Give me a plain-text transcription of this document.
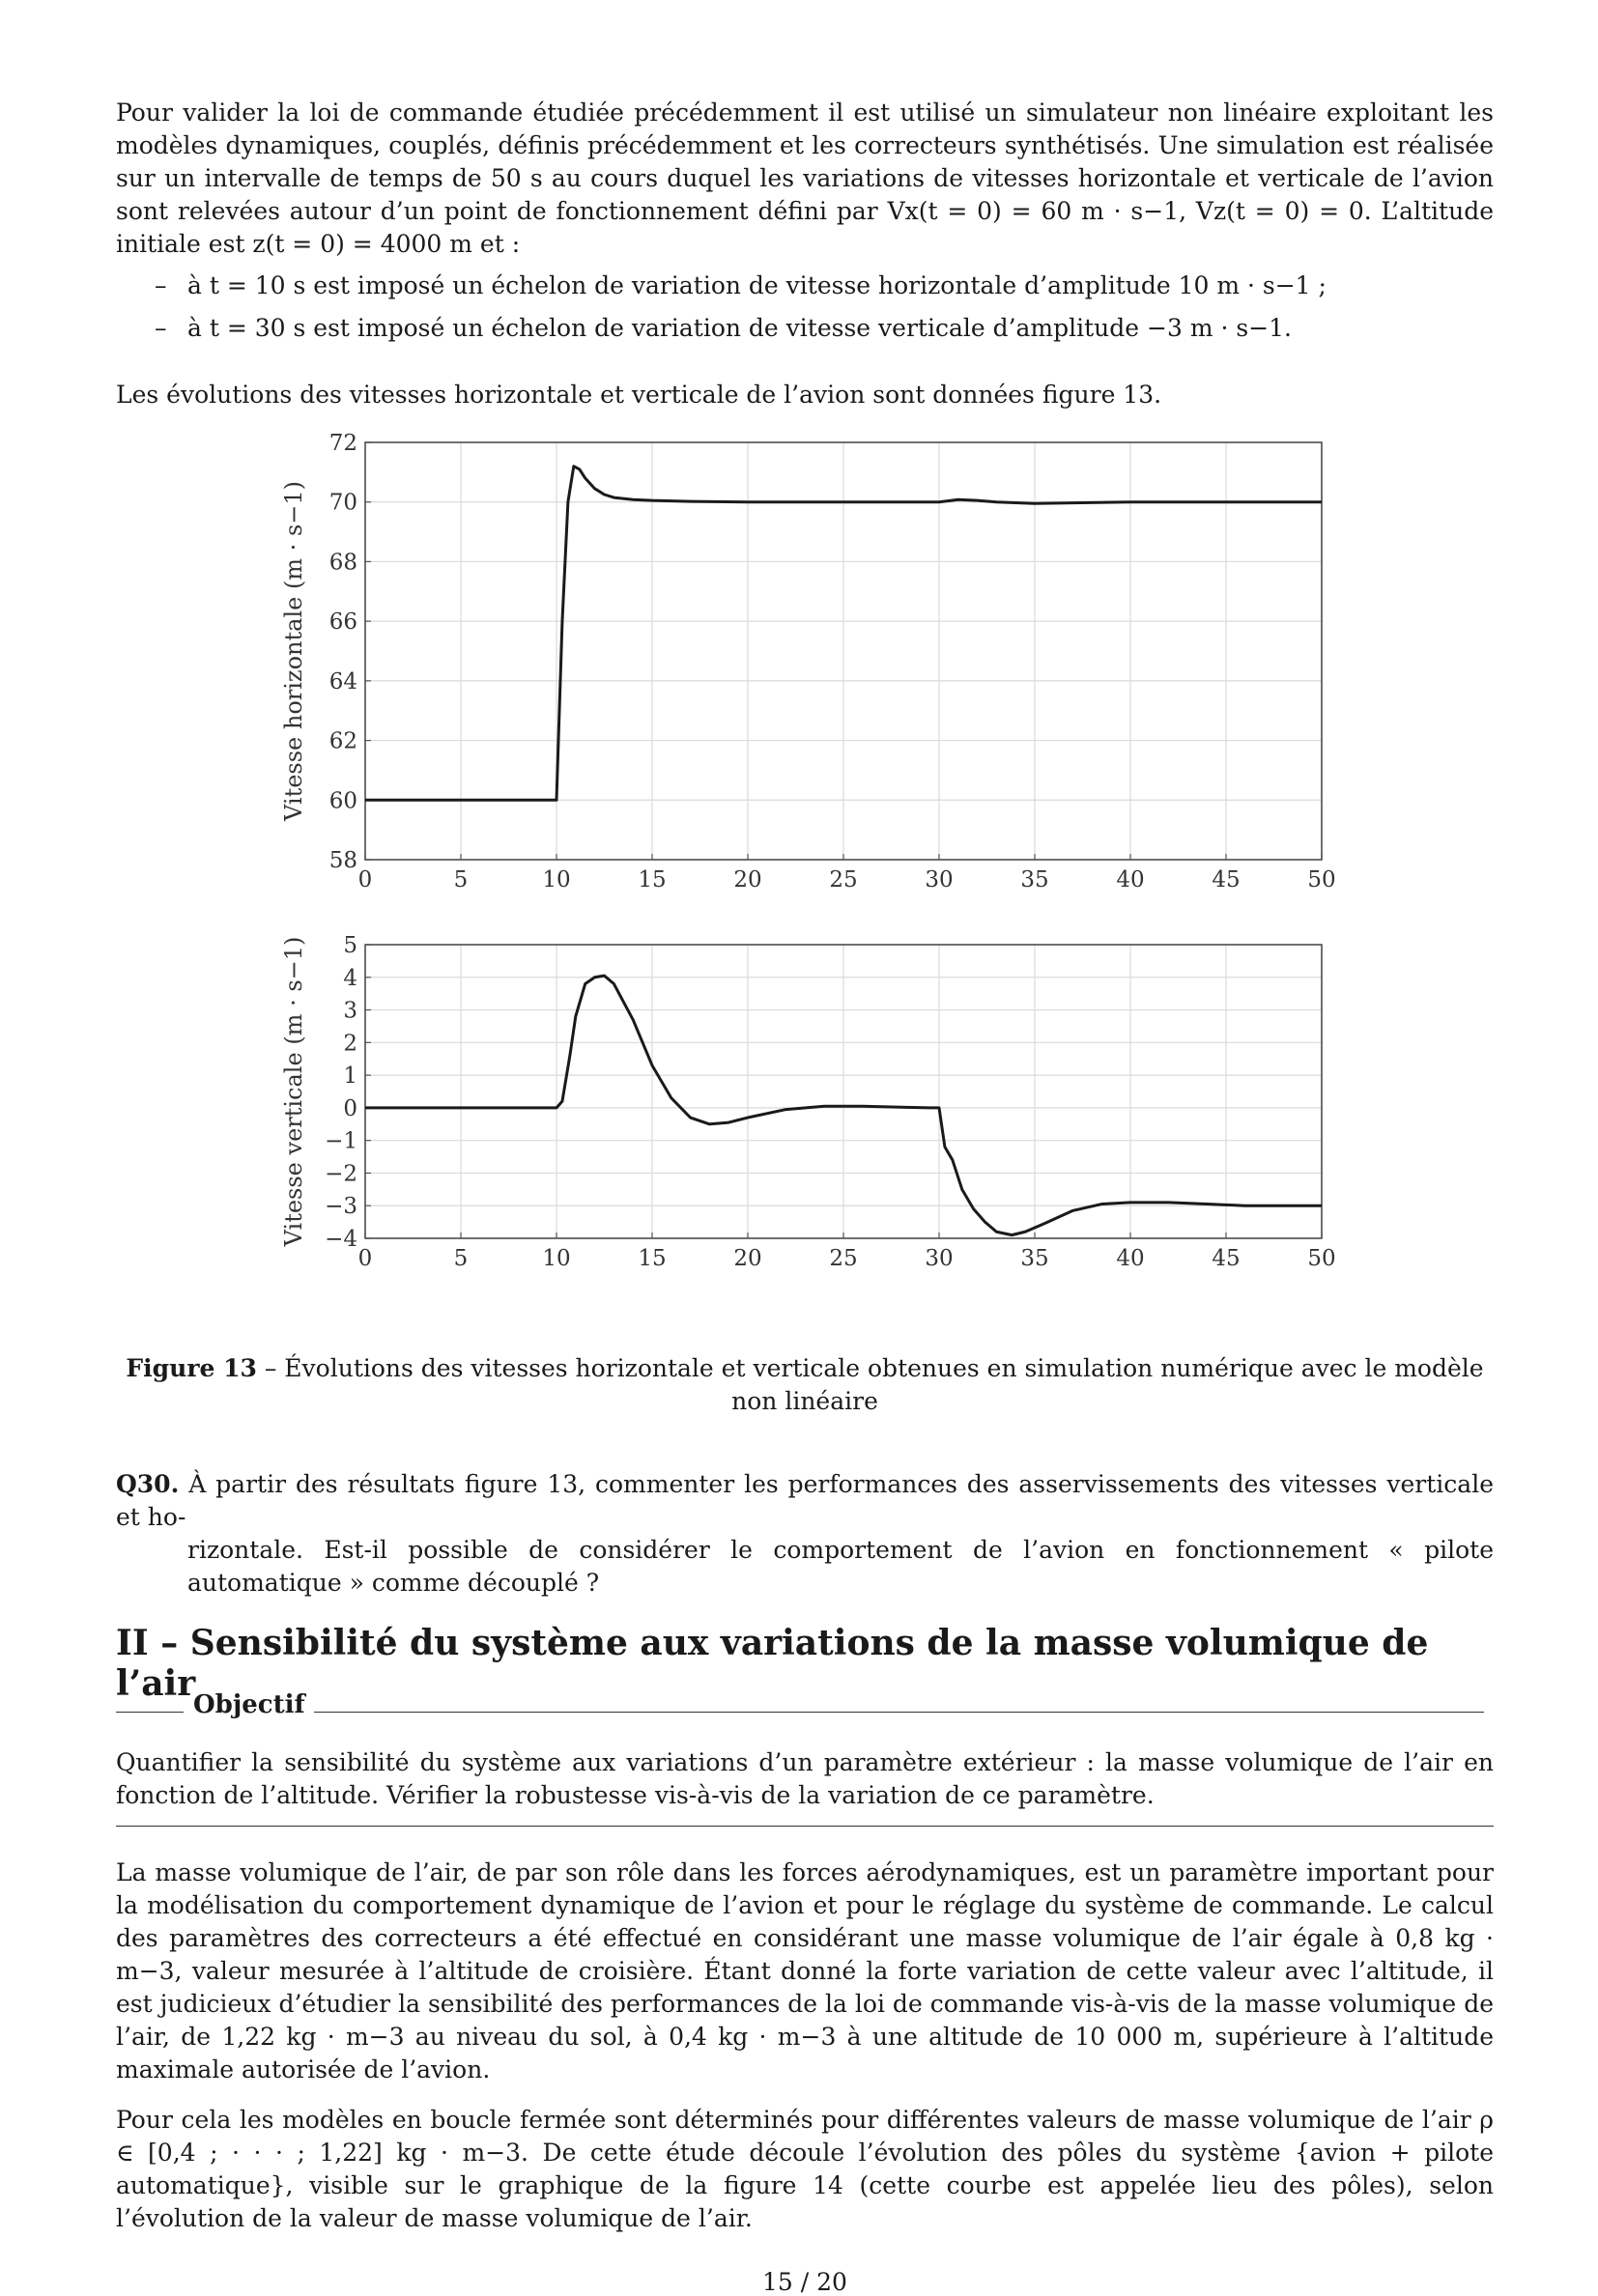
Pour valider la loi de commande étudiée précédemment il est utilisé un simulateur non linéaire exploitant les modèles dynamiques, couplés, définis précédemment et les correcteurs synthétisés. Une simulation est réalisée sur un intervalle de temps de 50 s au cours duquel les variations de vitesses horizontale et verticale de l’avion sont relevées autour d’un point de fonctionnement défini par Vx(t = 0) = 60 m · s−1, Vz(t = 0) = 0. L’altitude initiale est z(t = 0) = 4000 m et :

– à t = 10 s est imposé un échelon de variation de vitesse horizontale d’amplitude 10 m · s−1 ;
– à t = 30 s est imposé un échelon de variation de vitesse verticale d’amplitude −3 m · s−1.

Les évolutions des vitesses horizontale et verticale de l’avion sont données figure 13.

0	5	10	15	20	25	30	35	40	45	50
58
60
62
64
66
68
70
72
Vitesse horizontale (m · s−1)
0	5	10	15	20	25	30	35	40	45	50
−4
−3
−2
−1
0
1
2
3
4
5
Vitesse verticale (m · s−1)
Figure 13 – Évolutions des vitesses horizontale et verticale obtenues en simulation numérique avec le modèle non linéaire
Q30. À partir des résultats figure 13, commenter les performances des asservissements des vitesses verticale et ho-
rizontale. Est-il possible de considérer le comportement de l’avion en fonctionnement « pilote automatique » comme découplé ?
II – Sensibilité du système aux variations de la masse volumique de l’air
Objectif

Quantifier la sensibilité du système aux variations d’un paramètre extérieur : la masse volumique de l’air en fonction de l’altitude. Vérifier la robustesse vis-à-vis de la variation de ce paramètre.

La masse volumique de l’air, de par son rôle dans les forces aérodynamiques, est un paramètre important pour la modélisation du comportement dynamique de l’avion et pour le réglage du système de commande. Le calcul des paramètres des correcteurs a été effectué en considérant une masse volumique de l’air égale à 0,8 kg · m−3, valeur mesurée à l’altitude de croisière. Étant donné la forte variation de cette valeur avec l’altitude, il est judicieux d’étudier la sensibilité des performances de la loi de commande vis-à-vis de la masse volumique de l’air, de 1,22 kg · m−3 au niveau du sol, à 0,4 kg · m−3 à une altitude de 10 000 m, supérieure à l’altitude maximale autorisée de l’avion.

Pour cela les modèles en boucle fermée sont déterminés pour différentes valeurs de masse volumique de l’air ρ ∈ [0,4 ; · · · ; 1,22] kg · m−3. De cette étude découle l’évolution des pôles du système {avion + pilote automatique}, visible sur le graphique de la figure 14 (cette courbe est appelée lieu des pôles), selon l’évolution de la valeur de masse volumique de l’air.

15 / 20
